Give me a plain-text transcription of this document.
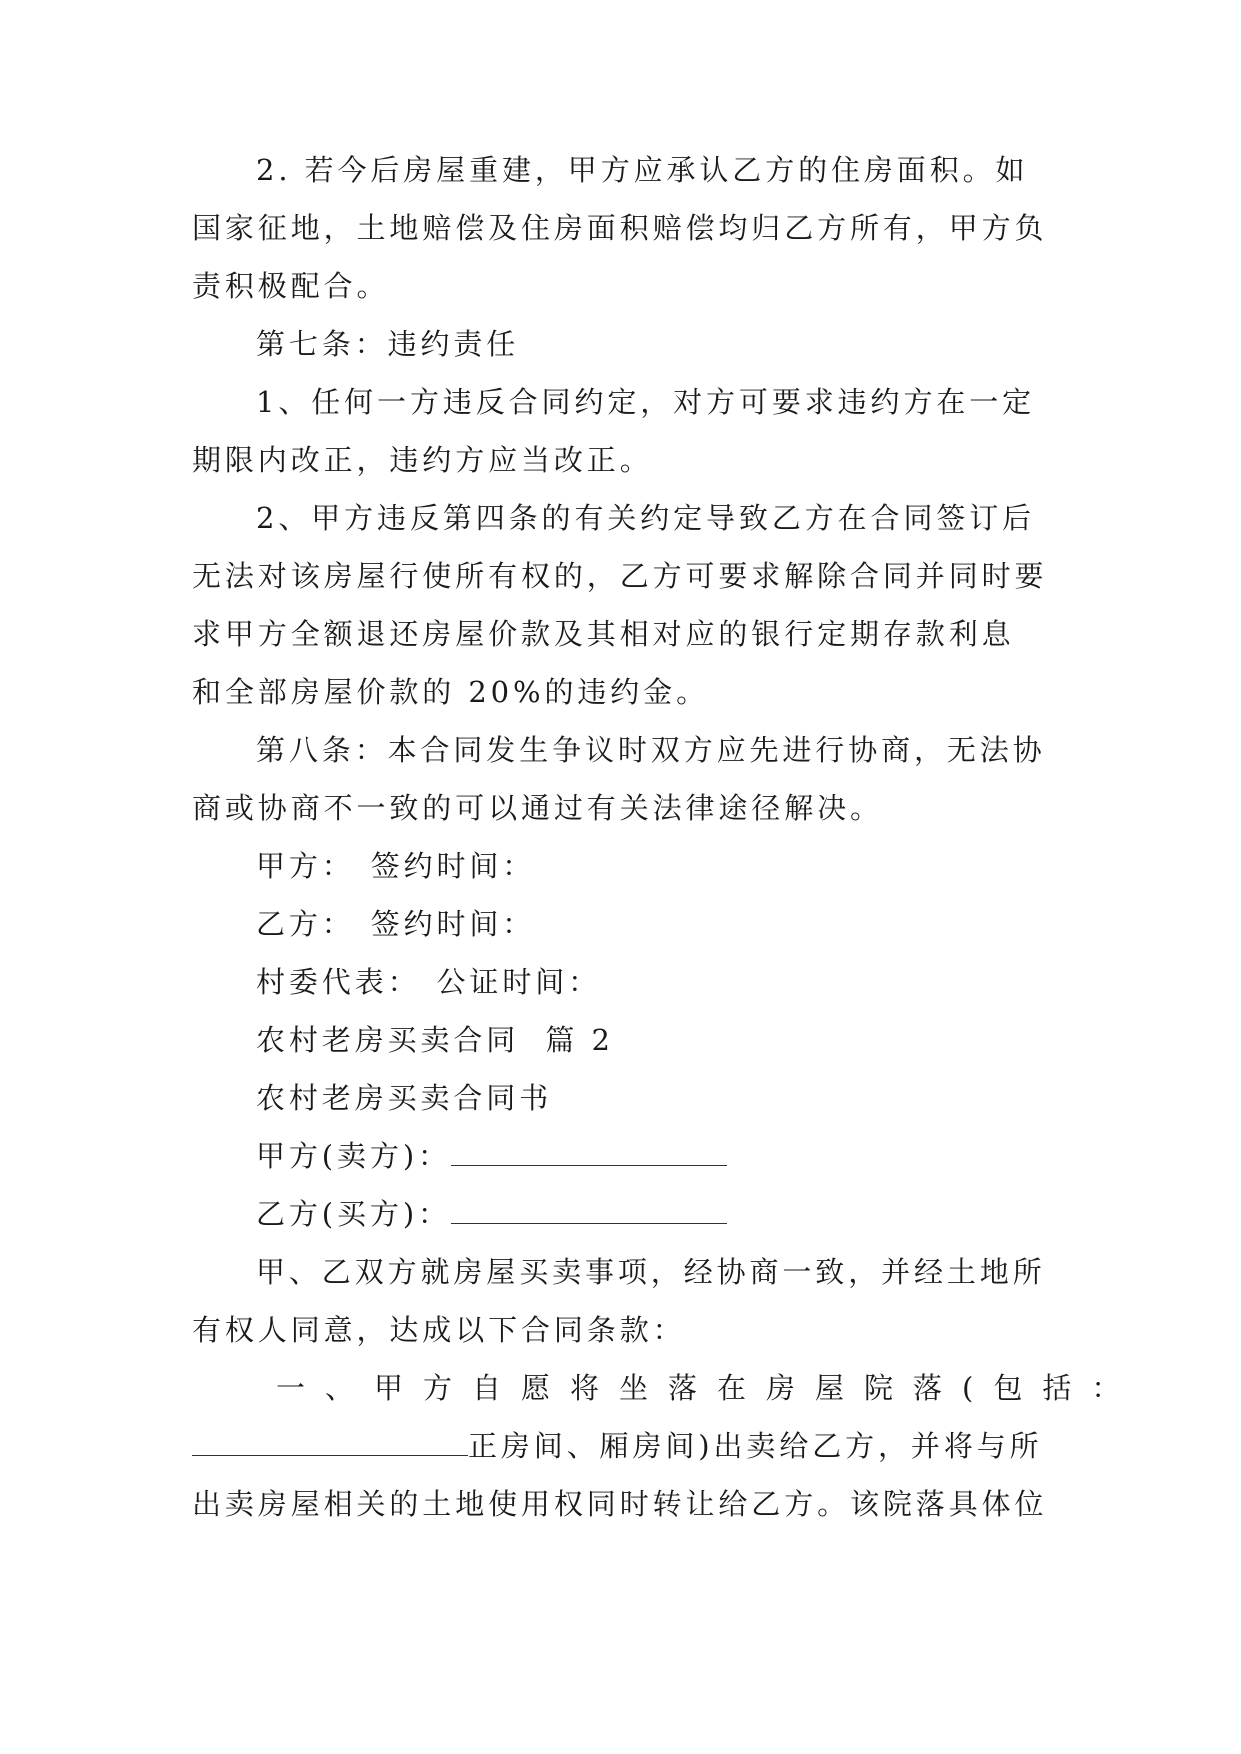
2. 若今后房屋重建，甲方应承认乙方的住房面积。如
国家征地，土地赔偿及住房面积赔偿均归乙方所有，甲方负
责积极配合。
第七条：违约责任
1、任何一方违反合同约定，对方可要求违约方在一定
期限内改正，违约方应当改正。
2、甲方违反第四条的有关约定导致乙方在合同签订后
无法对该房屋行使所有权的，乙方可要求解除合同并同时要
求甲方全额退还房屋价款及其相对应的银行定期存款利息
和全部房屋价款的 20%的违约金。
第八条：本合同发生争议时双方应先进行协商，无法协
商或协商不一致的可以通过有关法律途径解决。
甲方： 签约时间：
乙方： 签约时间：
村委代表： 公证时间：
农村老房买卖合同  篇 2
农村老房买卖合同书
甲方(卖方)：
乙方(买方)：
甲、乙双方就房屋买卖事项，经协商一致，并经土地所
有权人同意，达成以下合同条款：
一、甲方自愿将坐落在房屋院落(包括：
正房间、厢房间)出卖给乙方，并将与所
出卖房屋相关的土地使用权同时转让给乙方。该院落具体位
